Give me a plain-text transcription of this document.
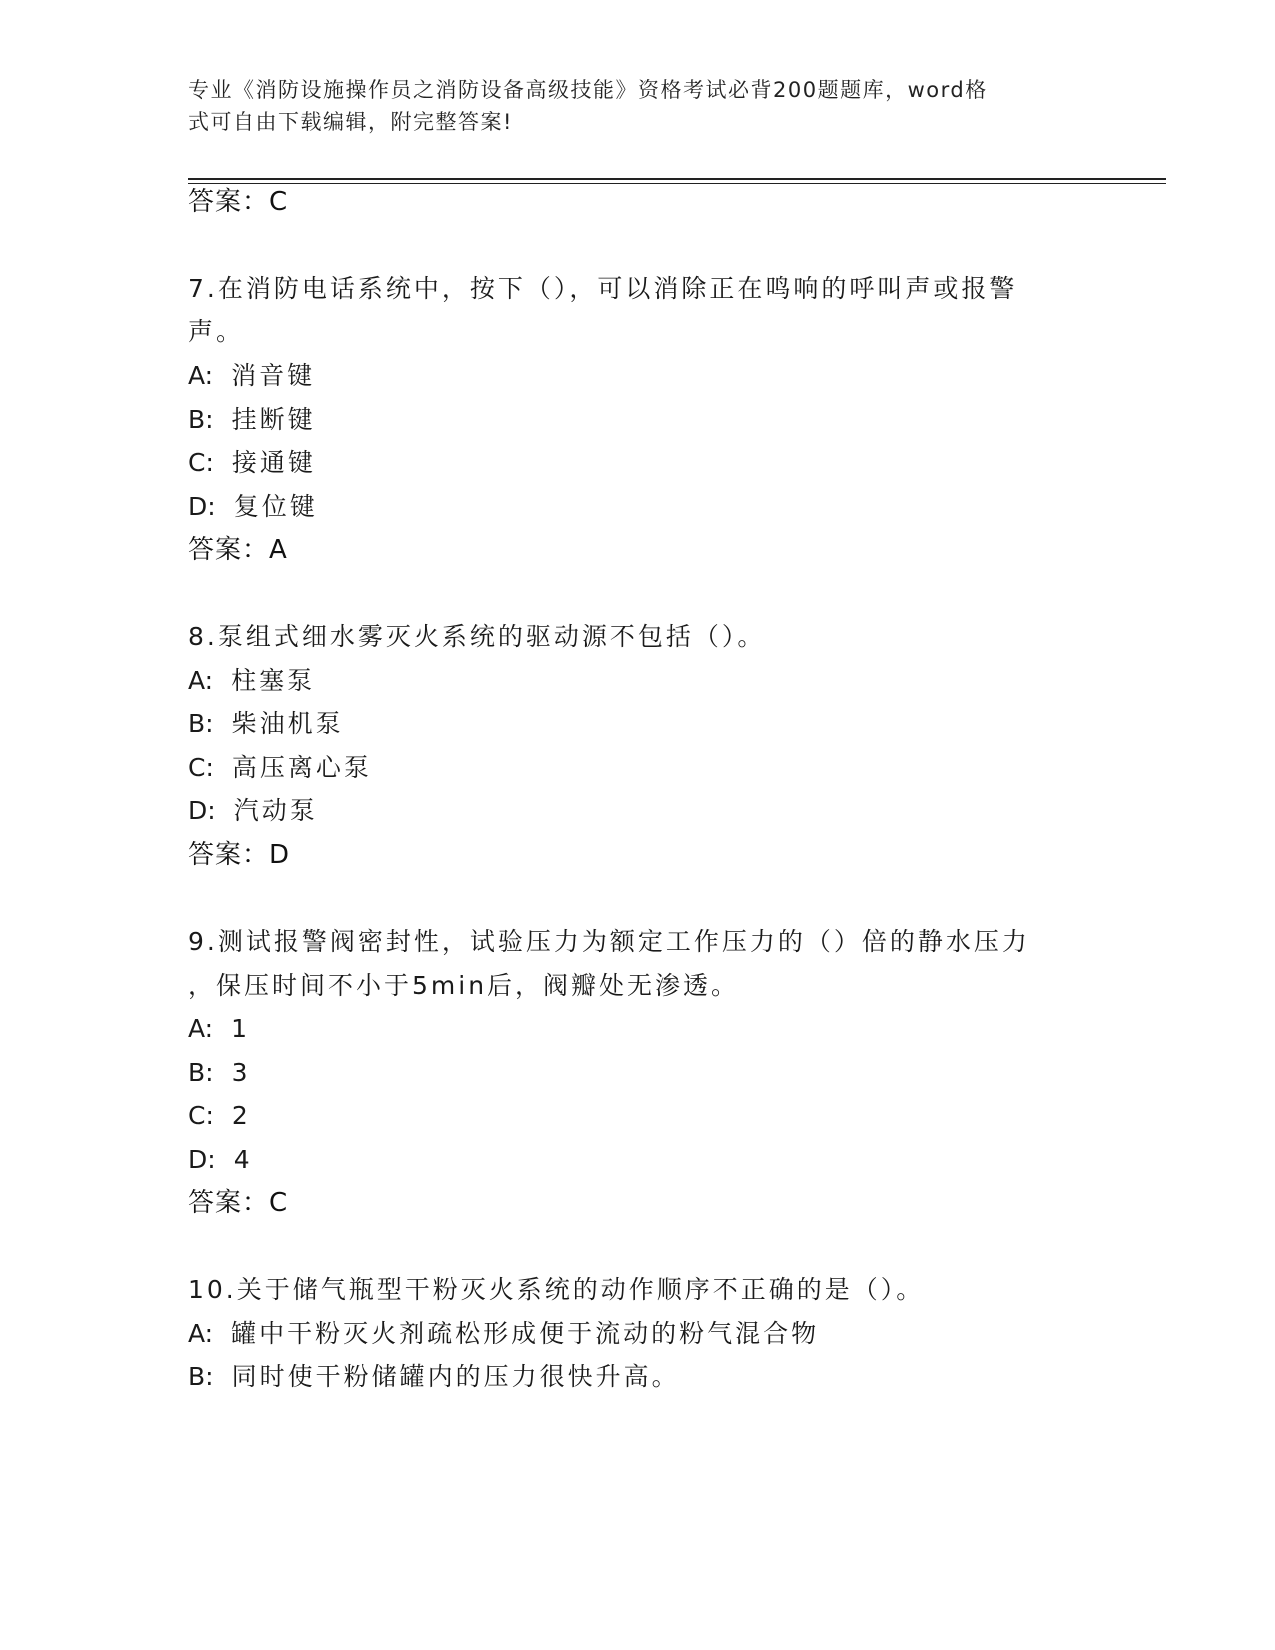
专业《消防设施操作员之消防设备高级技能》资格考试必背200题题库，word格
式可自由下载编辑，附完整答案!
答案：C
7.在消防电话系统中，按下（），可以消除正在鸣响的呼叫声或报警
声。
A: 消音键
B: 挂断键
C: 接通键
D: 复位键
答案：A
8.泵组式细水雾灭火系统的驱动源不包括（）。
A: 柱塞泵
B: 柴油机泵
C: 高压离心泵
D: 汽动泵
答案：D
9.测试报警阀密封性，试验压力为额定工作压力的（）倍的静水压力
，保压时间不小于5min后，阀瓣处无渗透。
A: 1
B: 3
C: 2
D: 4
答案：C
10.关于储气瓶型干粉灭火系统的动作顺序不正确的是（）。
A: 罐中干粉灭火剂疏松形成便于流动的粉气混合物
B: 同时使干粉储罐内的压力很快升高。
